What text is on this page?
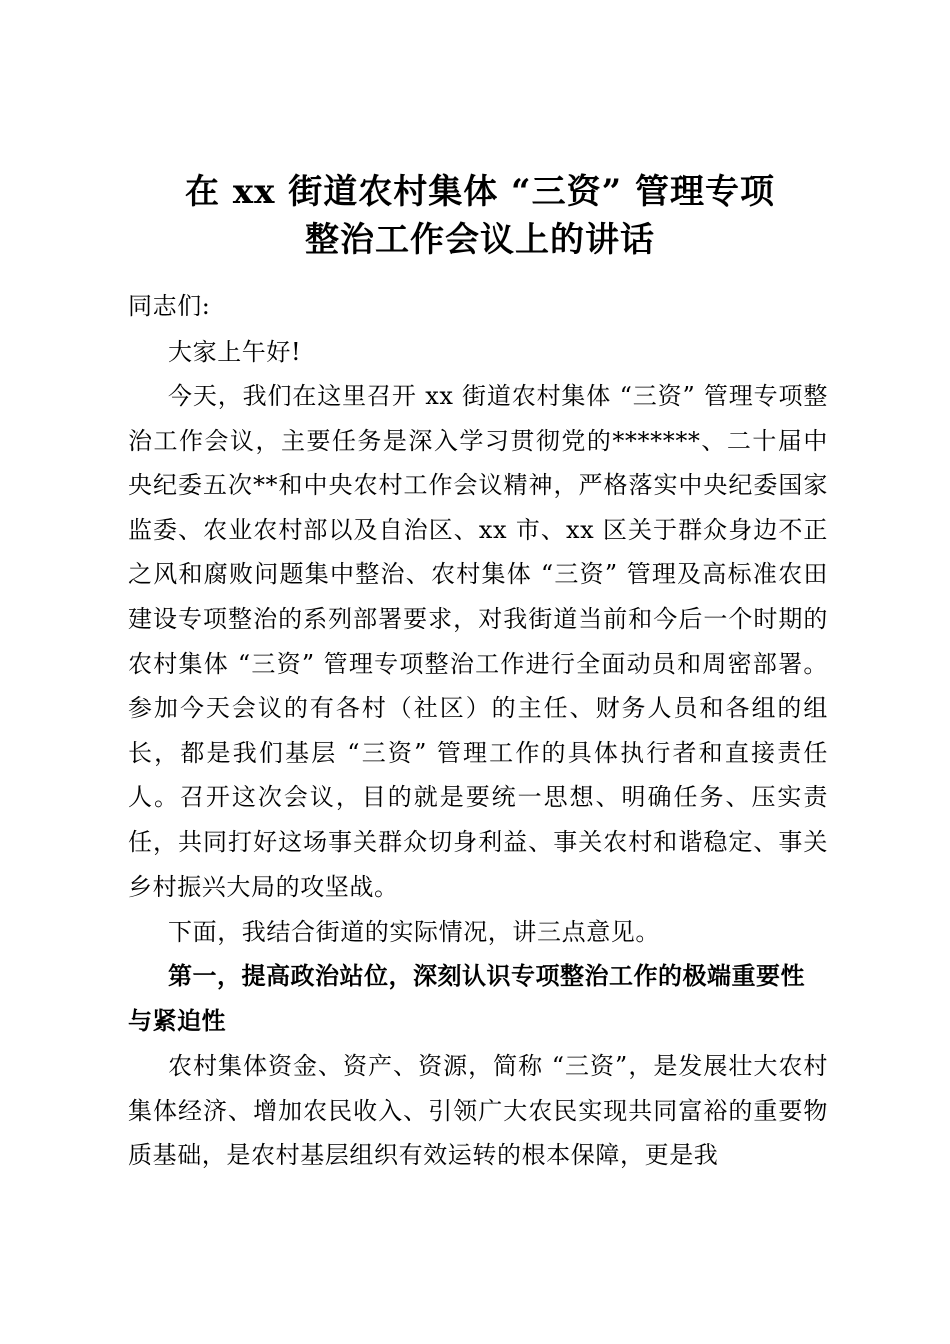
在 xx 街道农村集体 “三资” 管理专项
整治工作会议上的讲话
同志们:
大家上午好!
今天，我们在这里召开 xx 街道农村集体 “三资” 管理专项整治工作会议，主要任务是深入学习贯彻党的*******、二十届中央纪委五次**和中央农村工作会议精神，严格落实中央纪委国家监委、农业农村部以及自治区、xx 市、xx 区关于群众身边不正之风和腐败问题集中整治、农村集体 “三资” 管理及高标准农田建设专项整治的系列部署要求，对我街道当前和今后一个时期的农村集体 “三资” 管理专项整治工作进行全面动员和周密部署。参加今天会议的有各村（社区）的主任、财务人员和各组的组长，都是我们基层 “三资” 管理工作的具体执行者和直接责任人。召开这次会议，目的就是要统一思想、明确任务、压实责任，共同打好这场事关群众切身利益、事关农村和谐稳定、事关乡村振兴大局的攻坚战。
下面，我结合街道的实际情况，讲三点意见。
第一，提高政治站位，深刻认识专项整治工作的极端重要性与紧迫性
农村集体资金、资产、资源，简称 “三资”，是发展壮大农村集体经济、增加农民收入、引领广大农民实现共同富裕的重要物质基础，是农村基层组织有效运转的根本保障，更是我
